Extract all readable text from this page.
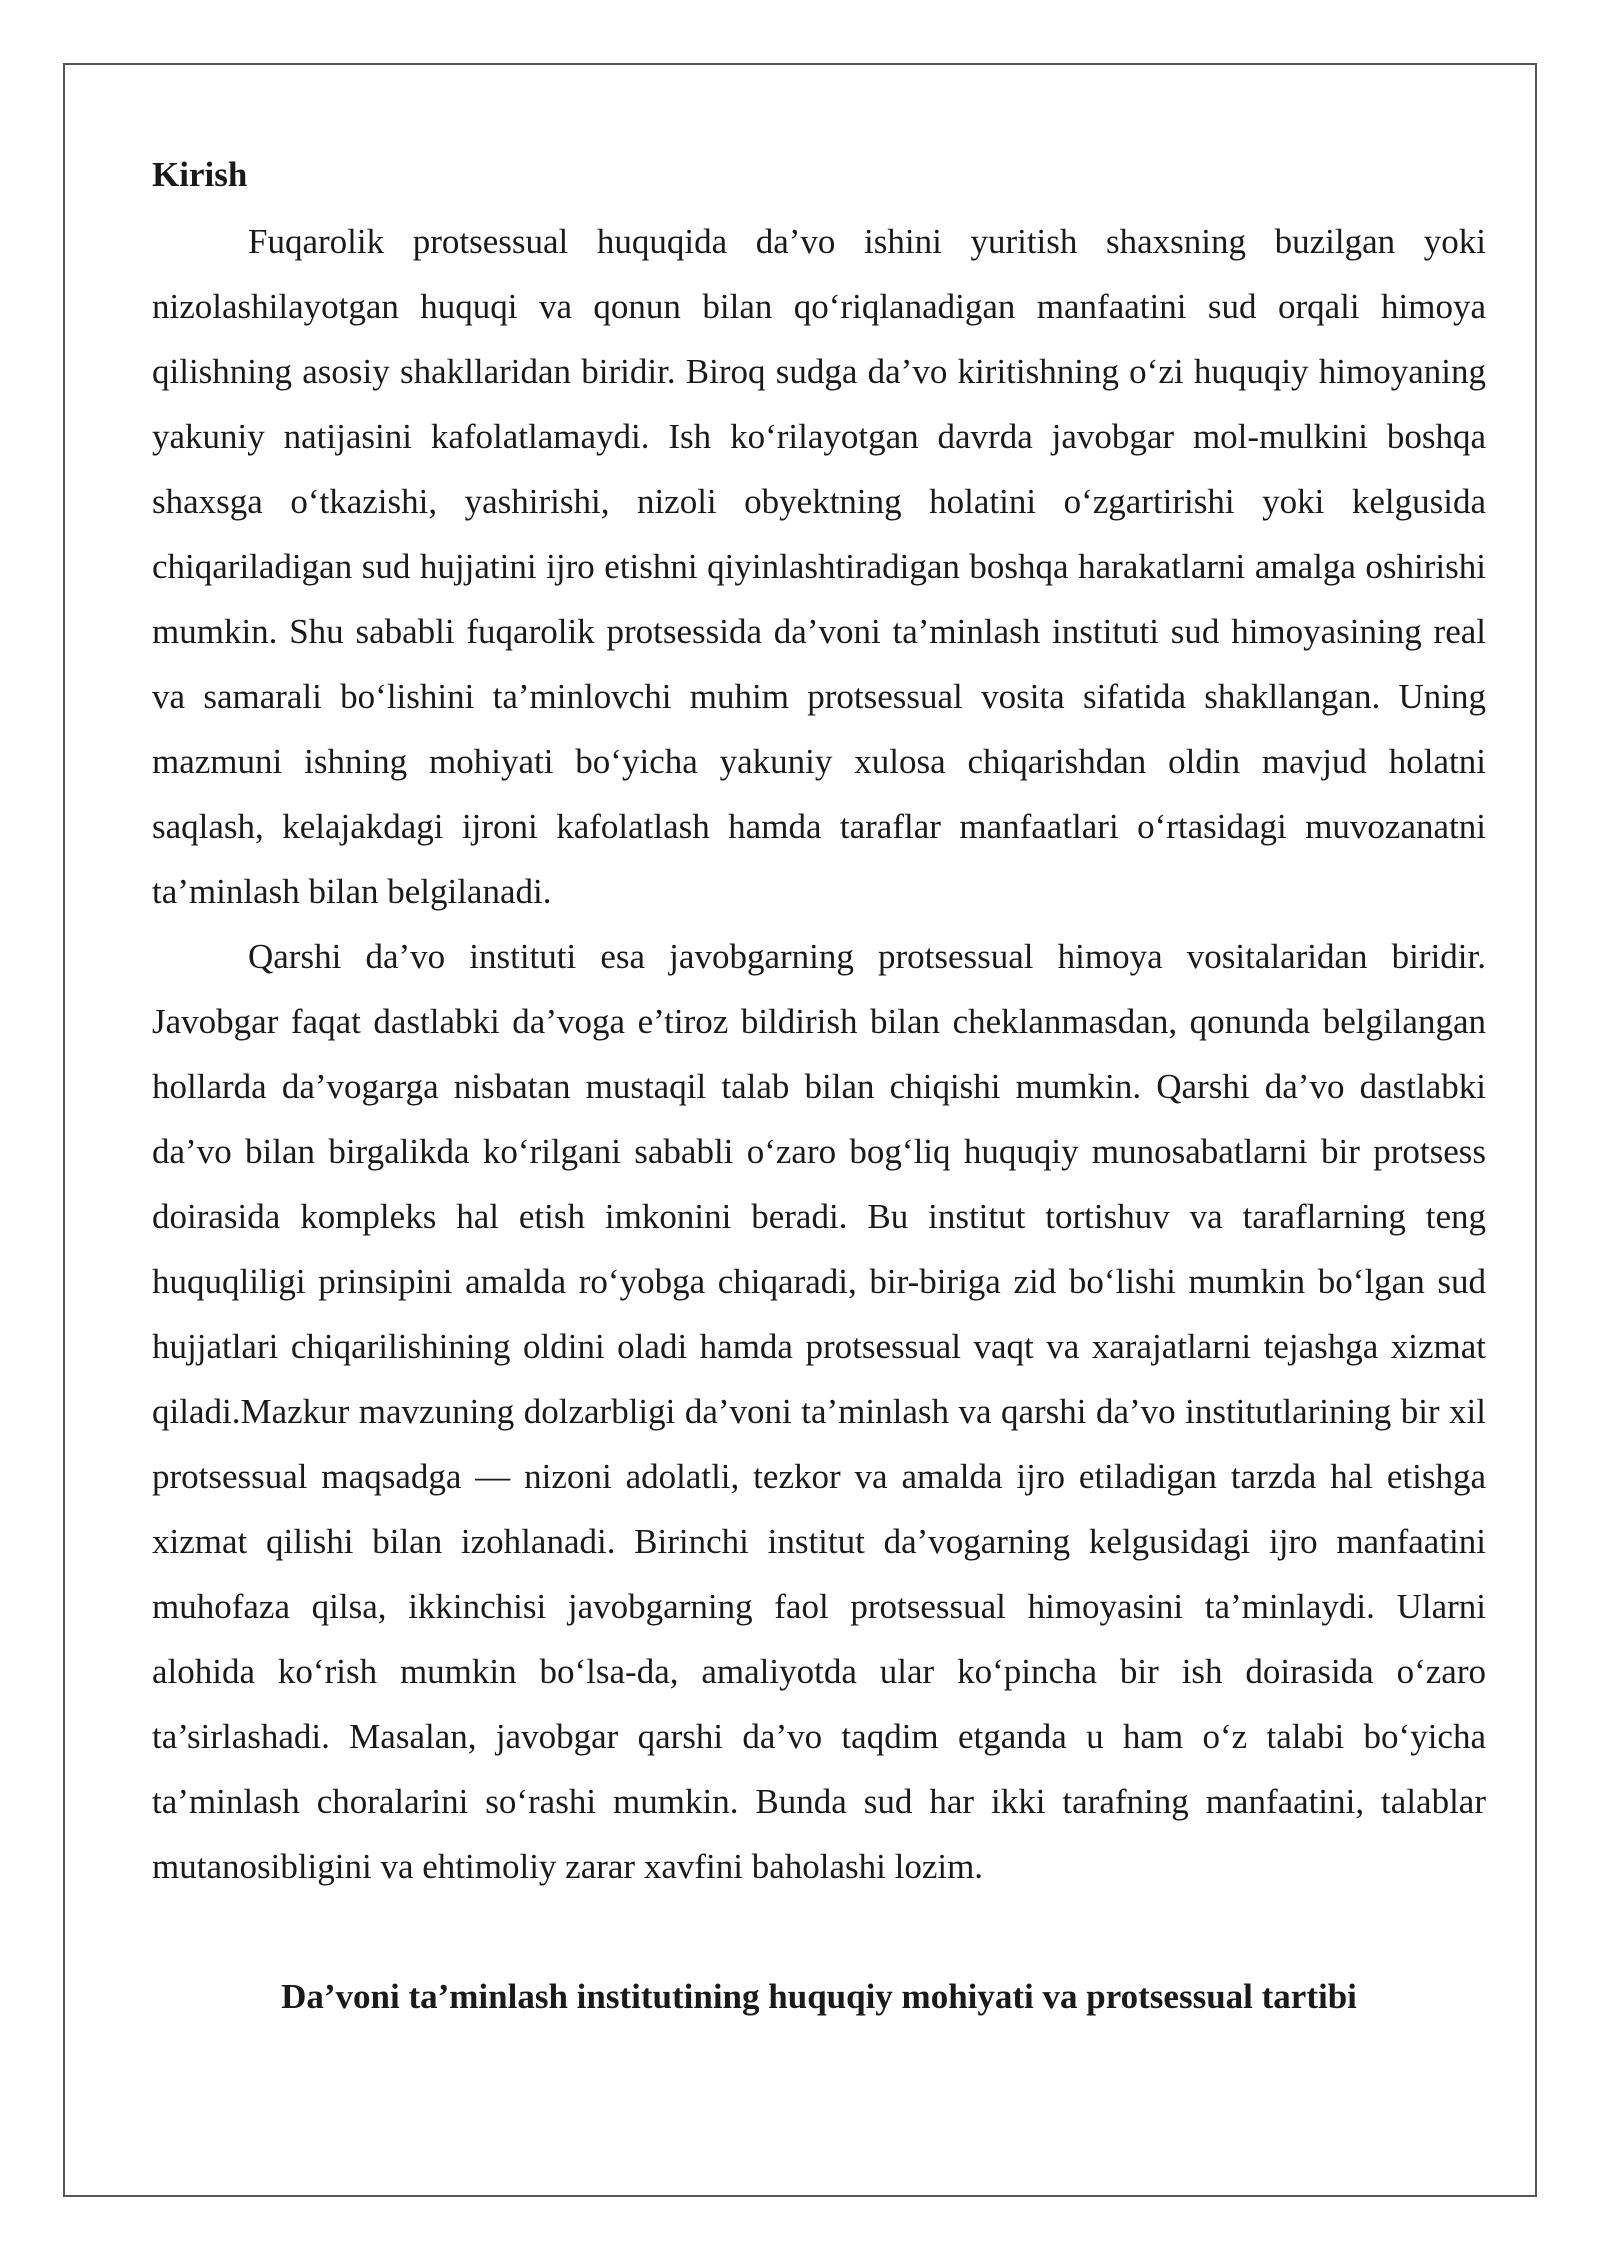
Kirish

Fuqarolik protsessual huquqida da’vo ishini yuritish shaxsning buzilgan yoki nizolashilayotgan huquqi va qonun bilan qo‘riqlanadigan manfaatini sud orqali himoya qilishning asosiy shakllaridan biridir. Biroq sudga da’vo kiritishning o‘zi huquqiy himoyaning yakuniy natijasini kafolatlamaydi. Ish ko‘rilayotgan davrda javobgar mol-mulkini boshqa shaxsga o‘tkazishi, yashirishi, nizoli obyektning holatini o‘zgartirishi yoki kelgusida chiqariladigan sud hujjatini ijro etishni qiyinlashtiradigan boshqa harakatlarni amalga oshirishi mumkin. Shu sababli fuqarolik protsessida da’voni ta’minlash instituti sud himoyasining real va samarali bo‘lishini ta’minlovchi muhim protsessual vosita sifatida shakllangan. Uning mazmuni ishning mohiyati bo‘yicha yakuniy xulosa chiqarishdan oldin mavjud holatni saqlash, kelajakdagi ijroni kafolatlash hamda taraflar manfaatlari o‘rtasidagi muvozanatni ta’minlash bilan belgilanadi.

Qarshi da’vo instituti esa javobgarning protsessual himoya vositalaridan biridir. Javobgar faqat dastlabki da’voga e’tiroz bildirish bilan cheklanmasdan, qonunda belgilangan hollarda da’vogarga nisbatan mustaqil talab bilan chiqishi mumkin. Qarshi da’vo dastlabki da’vo bilan birgalikda ko‘rilgani sababli o‘zaro bog‘liq huquqiy munosabatlarni bir protsess doirasida kompleks hal etish imkonini beradi. Bu institut tortishuv va taraflarning teng huquqliligi prinsipini amalda ro‘yobga chiqaradi, bir-biriga zid bo‘lishi mumkin bo‘lgan sud hujjatlari chiqarilishining oldini oladi hamda protsessual vaqt va xarajatlarni tejashga xizmat qiladi.Mazkur mavzuning dolzarbligi da’voni ta’minlash va qarshi da’vo institutlarining bir xil protsessual maqsadga — nizoni adolatli, tezkor va amalda ijro etiladigan tarzda hal etishga xizmat qilishi bilan izohlanadi. Birinchi institut da’vogarning kelgusidagi ijro manfaatini muhofaza qilsa, ikkinchisi javobgarning faol protsessual himoyasini ta’minlaydi. Ularni alohida ko‘rish mumkin bo‘lsa-da, amaliyotda ular ko‘pincha bir ish doirasida o‘zaro ta’sirlashadi. Masalan, javobgar qarshi da’vo taqdim etganda u ham o‘z talabi bo‘yicha ta’minlash choralarini so‘rashi mumkin. Bunda sud har ikki tarafning manfaatini, talablar mutanosibligini va ehtimoliy zarar xavfini baholashi lozim.

Da’voni ta’minlash institutining huquqiy mohiyati va protsessual tartibi
